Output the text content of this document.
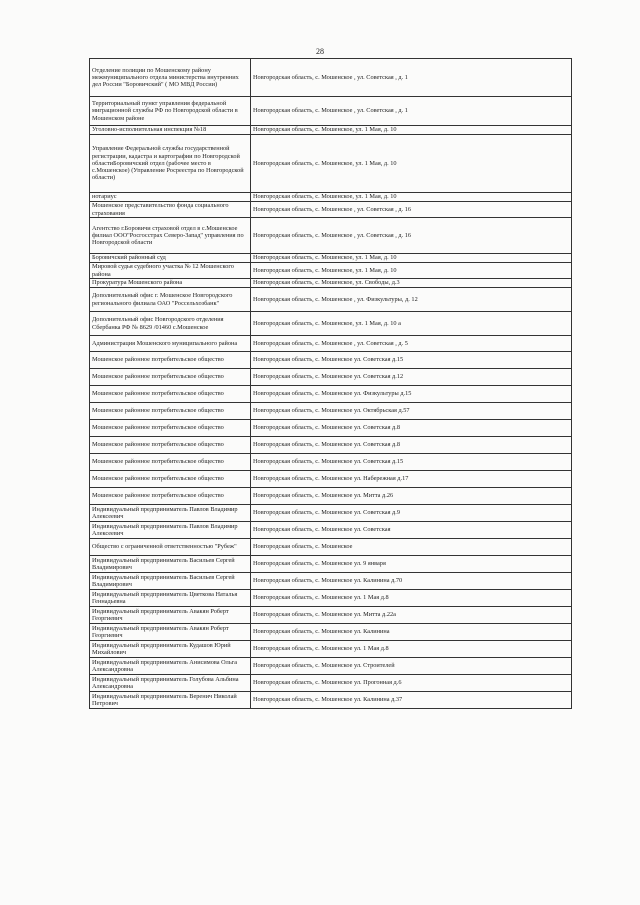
28
Отделение полиции по Мошенскому району межмуниципального отдела министерства внутренних дел России "Боровичский" ( МО МВД России)	Новгородская область, с. Мошенское , ул. Советская , д. 1
Территориальный пункт управления федеральной миграционной службы РФ по Новгородской области в Мошенском районе	Новгородская область, с. Мошенское , ул. Советская , д. 1
Уголовно-исполнительная инспекция №18	Новгородская область, с. Мошенское, ул. 1 Мая, д. 10
Управление Федеральной службы государственной регистрации, кадастра и картографии по Новгородской областиБоровичский отдел (рабочее место в с.Мошенское) (Управление Росреестра по Новгородской области)	Новгородская область, с. Мошенское, ул. 1 Мая, д. 10
нотариус	Новгородская область, с. Мошенское, ул. 1 Мая, д. 10
Мошенское представительство фонда социального страхования	Новгородская область, с. Мошенское , ул. Советская , д. 16
Агентство г.Боровичи страховой отдел в с.Мошенское филиал ООО"Росгосстрах Северо-Запад" управления по Новгородской области	Новгородская область, с. Мошенское , ул. Советская , д. 16
Боровичский районный суд	Новгородская область, с. Мошенское, ул. 1 Мая, д. 10
Мировой судья судебного участка № 12 Мошенского района	Новгородская область, с. Мошенское, ул. 1 Мая, д. 10
Прокуратура Мошенского района	Новгородская область, с. Мошенское, ул. Свободы, д.3
Дополнительный офис г. Мошенское Новгородского регионального филиала ОАО "Россельхозбанк"	Новгородская область, с. Мошенское , ул. Физкультуры, д. 12
Дополнительный офис Новгородского отделения Сбербанка РФ № 8629 /01460 с.Мошенское	Новгородская область, с. Мошенское, ул. 1 Мая, д. 10 а
Администрация Мошенского муниципального района	Новгородская область, с. Мошенское , ул. Советская , д. 5
Мошенское районное потребительское общество	Новгородская область, с. Мошенское ул. Советская д.15
Мошенское районное потребительское общество	Новгородская область, с. Мошенское ул. Советская д.12
Мошенское районное потребительское общество	Новгородская область, с. Мошенское ул. Физкультуры д.15
Мошенское районное потребительское общество	Новгородская область, с. Мошенское ул. Октябрьская д.57
Мошенское районное потребительское общество	Новгородская область, с. Мошенское ул. Советская д.8
Мошенское районное потребительское общество	Новгородская область, с. Мошенское ул. Советская д.8
Мошенское районное потребительское общество	Новгородская область, с. Мошенское ул. Советская д.15
Мошенское районное потребительское общество	Новгородская область, с. Мошенское ул. Набережная д.17
Мошенское районное потребительское общество	Новгородская область, с. Мошенское ул. Митта д.26
Индивидуальный предприниматель Павлов Владимир Алексеевич	Новгородская область, с. Мошенское ул. Советская д.9
Индивидуальный предприниматель Павлов Владимир Алексеевич	Новгородская область, с. Мошенское ул. Советская
Общество с ограниченной ответственностью "Рубеж"	Новгородская область, с. Мошенское
Индивидуальный предприниматель Васильев Сергей Владимирович	Новгородская область, с. Мошенское ул. 9 января
Индивидуальный предприниматель Васильев Сергей Владимирович	Новгородская область, с. Мошенское ул. Калинина д.70
Индивидуальный предприниматель Цветкова Наталья Геннадьевна	Новгородская область, с. Мошенское ул. 1 Мая д.8
Индивидуальный предприниматель Авакян Роберт Георгиевич	Новгородская область, с. Мошенское ул. Митта д.22а
Индивидуальный предприниматель Авакян Роберт Георгиевич	Новгородская область, с. Мошенское ул. Калинина
Индивидуальный предприниматель Кудашов Юрий Михайлович	Новгородская область, с. Мошенское ул. 1 Мая д.8
Индивидуальный предприниматель Анисимова Ольга Александровна	Новгородская область, с. Мошенское ул. Строителей
Индивидуальный предприниматель Голубова Альбина Александровна	Новгородская область, с. Мошенское ул. Прогонная д.6
Индивидуальный предприниматель Веренич Николай Петрович	Новгородская область, с. Мошенское ул. Калинина д.37
